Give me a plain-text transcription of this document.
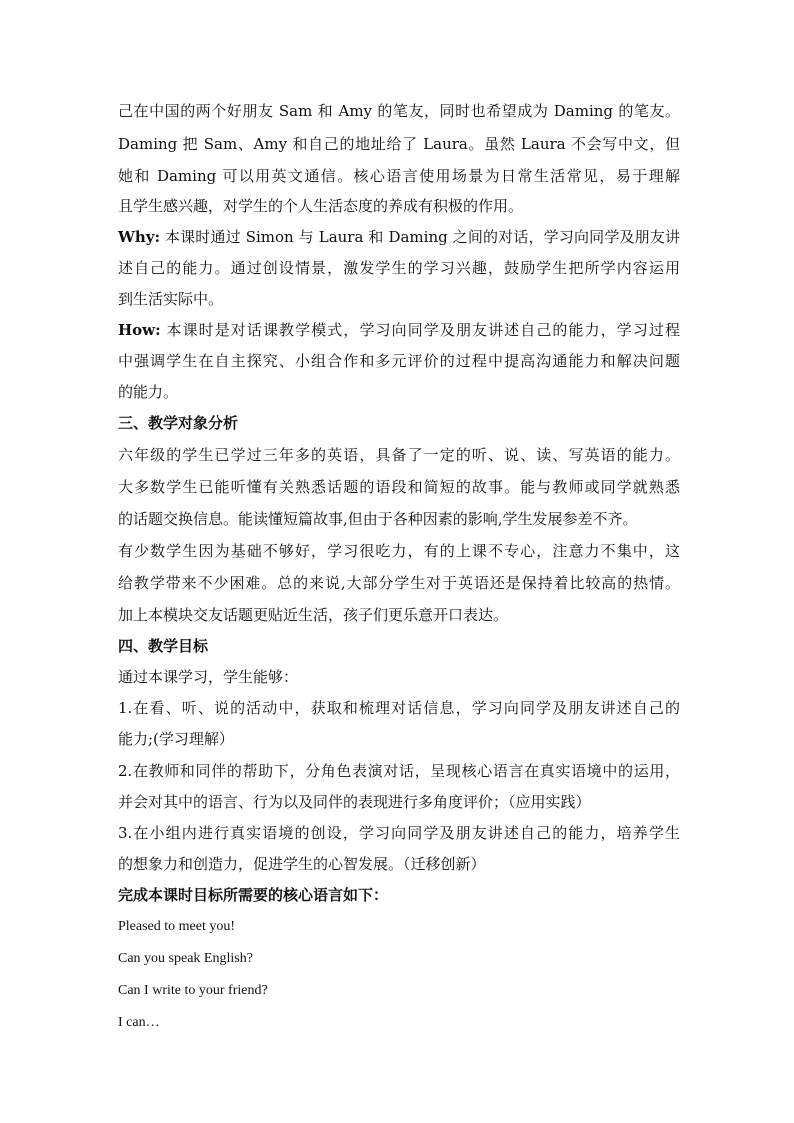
己在中国的两个好朋友 Sam 和 Amy 的笔友，同时也希望成为 Daming 的笔友。
Daming 把 Sam、Amy 和自己的地址给了 Laura。虽然 Laura 不会写中文，但
她和 Daming 可以用英文通信。核心语言使用场景为日常生活常见，易于理解
且学生感兴趣，对学生的个人生活态度的养成有积极的作用。
Why: 本课时通过 Simon 与 Laura 和 Daming 之间的对话，学习向同学及朋友讲
述自己的能力。通过创设情景，激发学生的学习兴趣，鼓励学生把所学内容运用
到生活实际中。
How: 本课时是对话课教学模式，学习向同学及朋友讲述自己的能力，学习过程
中强调学生在自主探究、小组合作和多元评价的过程中提高沟通能力和解决问题
的能力。
三、教学对象分析
六年级的学生已学过三年多的英语，具备了一定的听、说、读、写英语的能力。
大多数学生已能听懂有关熟悉话题的语段和简短的故事。能与教师或同学就熟悉
的话题交换信息。能读懂短篇故事,但由于各种因素的影响,学生发展参差不齐。
有少数学生因为基础不够好，学习很吃力，有的上课不专心，注意力不集中，这
给教学带来不少困难。总的来说,大部分学生对于英语还是保持着比较高的热情。
加上本模块交友话题更贴近生活，孩子们更乐意开口表达。
四、教学目标
通过本课学习，学生能够：
1.在看、听、说的活动中，获取和梳理对话信息，学习向同学及朋友讲述自己的
能力;(学习理解）
2.在教师和同伴的帮助下，分角色表演对话，呈现核心语言在真实语境中的运用，
并会对其中的语言、行为以及同伴的表现进行多角度评价；（应用实践）
3.在小组内进行真实语境的创设，学习向同学及朋友讲述自己的能力，培养学生
的想象力和创造力，促进学生的心智发展。（迁移创新）
完成本课时目标所需要的核心语言如下：
Pleased to meet you!
Can you speak English?
Can I write to your friend?
I can…
